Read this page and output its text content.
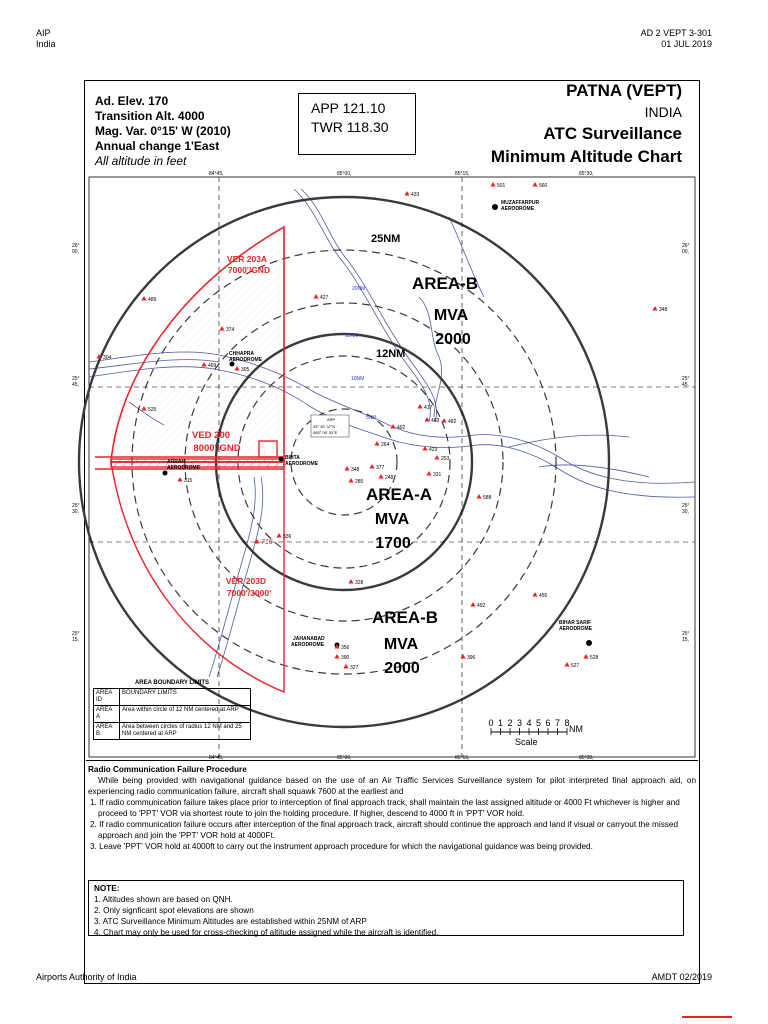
AIP
India
AD 2 VEPT 3-301
01 JUL 2019
Ad. Elev. 170
Transition Alt. 4000
Mag. Var. 0°15' W (2010)
Annual change 1'East
All altitude in feet
APP 121.10
TWR 118.30
PATNA (VEPT)
INDIA
ATC Surveillance
Minimum Altitude Chart
84°45,	85°00,	85°15,	85°30,
25NM
20NM
15NM
12NM
10NM
5NM
AREA-B
MVA
2000
AREA-A
MVA
1700
AREA-B
MVA
2000
VER 203A
7000'/GND
VED 200
8000'/GND
VER 203D
7000'/3000'
MUZAFFARPUR
AERODROME
CHHAPRA
AERODROME
ARRAH
AERODROME
BIHTA
AERODROME
JAHANABAD
AERODROME
BIHAR SARIF
AERODROME
ARP
25° 35' 37"N
085° 05' 33"E
433
501	560
489	427
374
469
305
304
525
348
417
460 482
492
264
377
248
423
253
348
285
331
315
336
715
328
588
492
455
356
390
327
396
527
528
26°
00,
26°
00,
25°
45,
25°
45,
25°
30,
25°
30,
25°
15,
25°
15,
0 1 2 3 4 5 6 7 8
NM
Scale
84°45,	85°00,	85°15,	85°30,
AREA BOUNDARY LIMITS
AREA ID	BOUNDARY LIMITS
AREA A	Area within circle of 12 NM centered at ARP
AREA B	Area between circles of radius 12 NM and 25 NM centered at ARP

Radio Communication Failure Procedure

While being provided with navigational guidance based on the use of an Air Traffic Services Surveillance system for pilot interpreted final approach aid, on experiencing radio communication failure, aircraft shall squawk 7600 at the earliest and

1. If radio communication failure takes place prior to interception of final approach track, shall maintain the last assigned altitude or 4000 Ft whichever is higher and proceed to 'PPT' VOR via shortest route to join the holding procedure. If higher, descend to 4000 ft in 'PPT' VOR hold.

2. If radio communication failure occurs after interception of the final approach track, aircraft should continue the approach and land if visual or carryout the missed approach and join the 'PPT' VOR hold at 4000Ft.

3. Leave 'PPT' VOR hold at 4000ft to carry out the instrument approach procedure for which the navigational guidance was being provided.

NOTE:
1. Altitudes shown are based on QNH.
2. Only signficant spot elevations are shown
3. ATC Surveillance Minimum Altitudes are established within 25NM of ARP
4. Chart may only be used for cross-checking of altitude assigned while the aircraft is identified.
Airports Authority of India	AMDT 02/2019
